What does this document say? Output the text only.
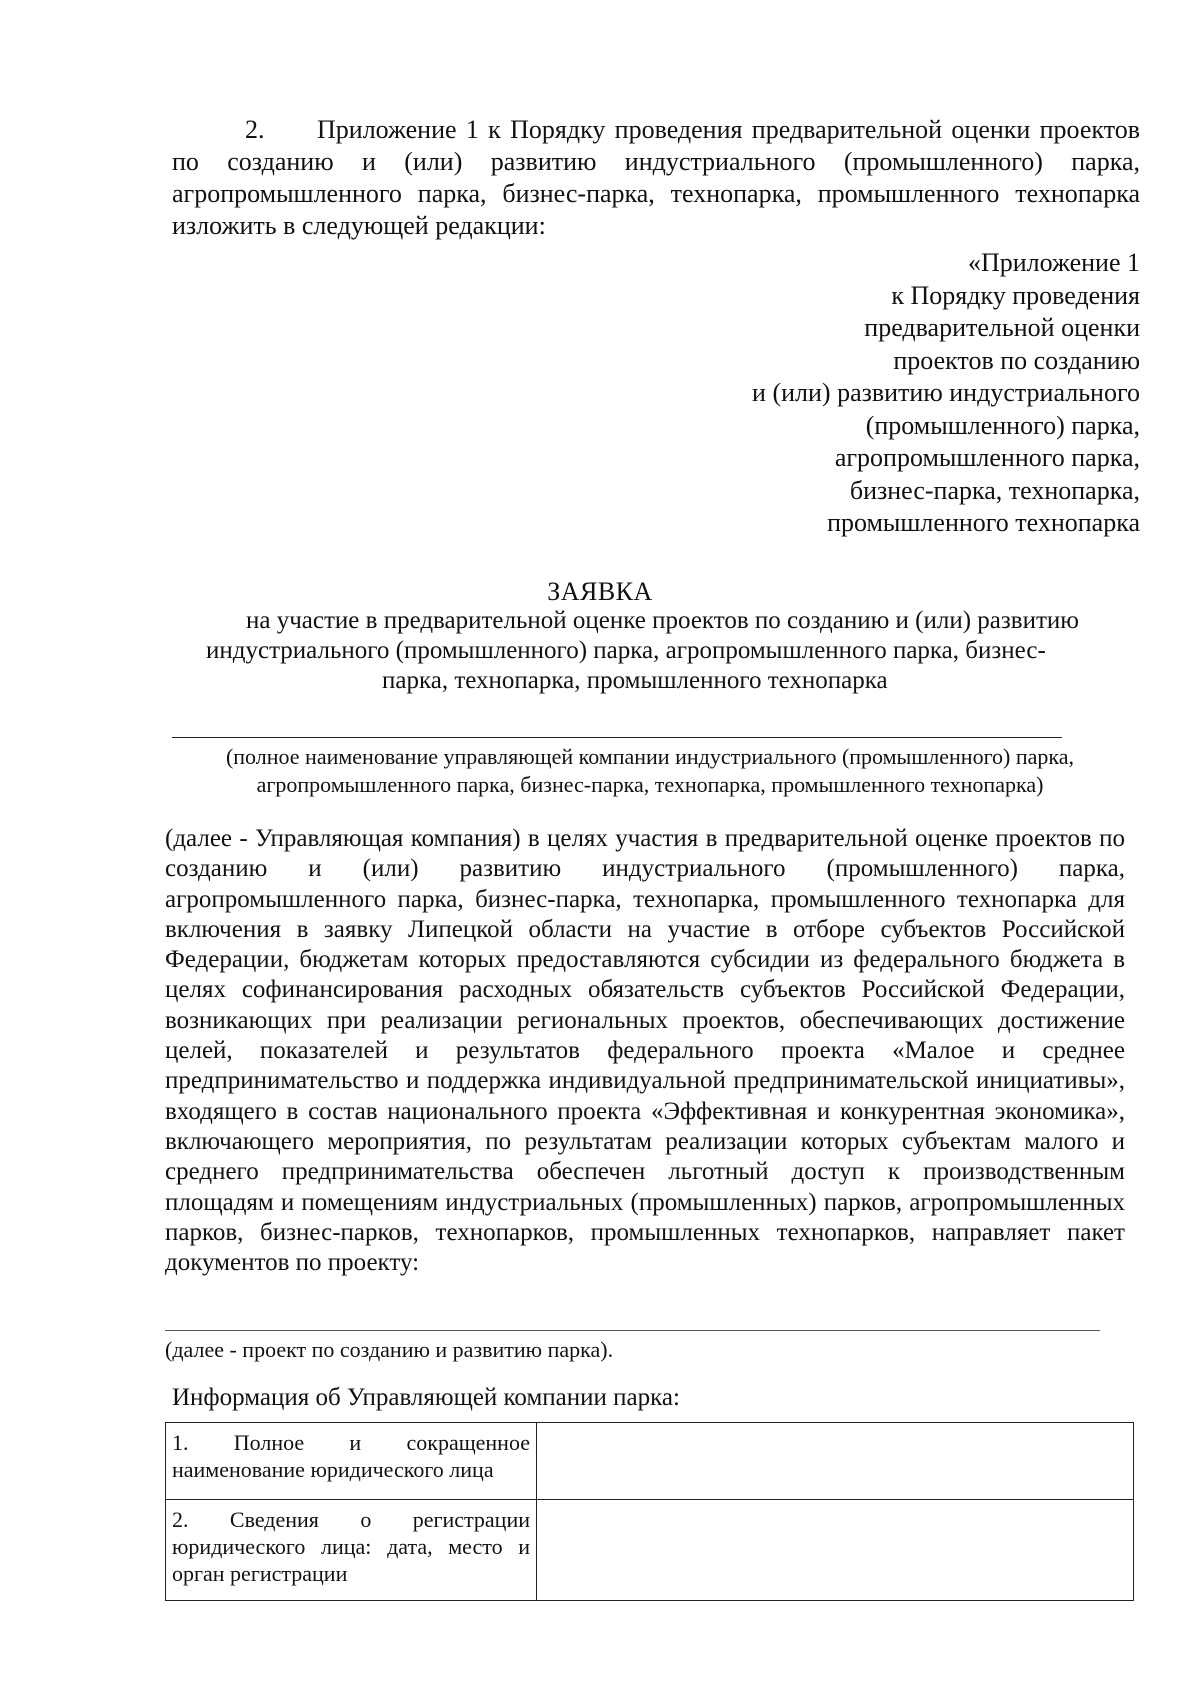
2. Приложение 1 к Порядку проведения предварительной оценки проектов по созданию и (или) развитию индустриального (промышленного) парка, агропромышленного парка, бизнес-парка, технопарка, промышленного технопарка изложить в следующей редакции:

«Приложение 1
к Порядку проведения
предварительной оценки
проектов по созданию
и (или) развитию индустриального
(промышленного) парка,
агропромышленного парка,
бизнес-парка, технопарка,
промышленного технопарка
ЗАЯВКА
на участие в предварительной оценке проектов по созданию и (или) развитию
индустриального (промышленного) парка, агропромышленного парка, бизнес-
парка, технопарка, промышленного технопарка
(полное наименование управляющей компании индустриального (промышленного) парка,
агропромышленного парка, бизнес-парка, технопарка, промышленного технопарка)

(далее - Управляющая компания) в целях участия в предварительной оценке проектов по созданию и (или) развитию индустриального (промышленного) парка, агропромышленного парка, бизнес-парка, технопарка, промышленного технопарка для включения в заявку Липецкой области на участие в отборе субъектов Российской Федерации, бюджетам которых предоставляются субсидии из федерального бюджета в целях софинансирования расходных обязательств субъектов Российской Федерации, возникающих при реализации региональных проектов, обеспечивающих достижение целей, показателей и результатов федерального проекта «Малое и среднее предпринимательство и поддержка индивидуальной предпринимательской инициативы», входящего в состав национального проекта «Эффективная и конкурентная экономика», включающего мероприятия, по результатам реализации которых субъектам малого и среднего предпринимательства обеспечен льготный доступ к производственным площадям и помещениям индустриальных (промышленных) парков, агропромышленных парков, бизнес-парков, технопарков, промышленных технопарков, направляет пакет документов по проекту:

(далее - проект по созданию и развитию парка).
Информация об Управляющей компании парка:
1. Полное и сокращенное наименование юридического лица	
2. Сведения о регистрации юридического лица: дата, место и орган регистрации	
